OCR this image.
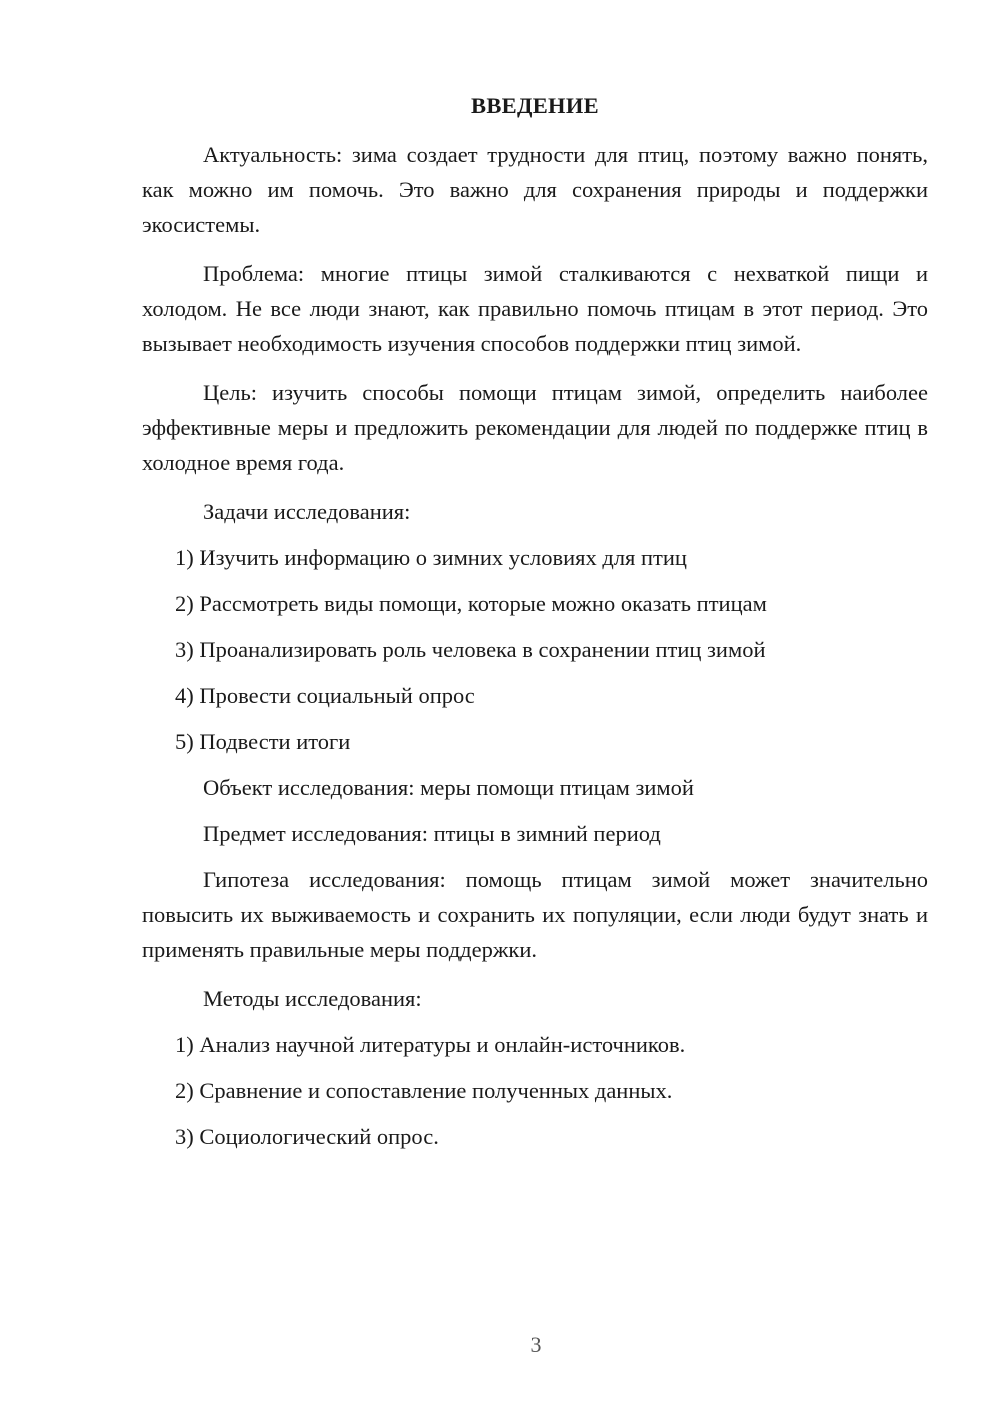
ВВЕДЕНИЕ

Актуальность: зима создает трудности для птиц, поэтому важно понять, как можно им помочь. Это важно для сохранения природы и поддержки экосистемы.

Проблема: многие птицы зимой сталкиваются с нехваткой пищи и холодом. Не все люди знают, как правильно помочь птицам в этот период. Это вызывает необходимость изучения способов поддержки птиц зимой.

Цель: изучить способы помощи птицам зимой, определить наиболее эффективные меры и предложить рекомендации для людей по поддержке птиц в холодное время года.

Задачи исследования:
1) Изучить информацию о зимних условиях для птиц
2) Рассмотреть виды помощи, которые можно оказать птицам
3) Проанализировать роль человека в сохранении птиц зимой
4) Провести социальный опрос
5) Подвести итоги
Объект исследования: меры помощи птицам зимой
Предмет исследования: птицы в зимний период

Гипотеза исследования: помощь птицам зимой может значительно повысить их выживаемость и сохранить их популяции, если люди будут знать и применять правильные меры поддержки.

Методы исследования:
1) Анализ научной литературы и онлайн-источников.
2) Сравнение и сопоставление полученных данных.
3) Социологический опрос.
3
